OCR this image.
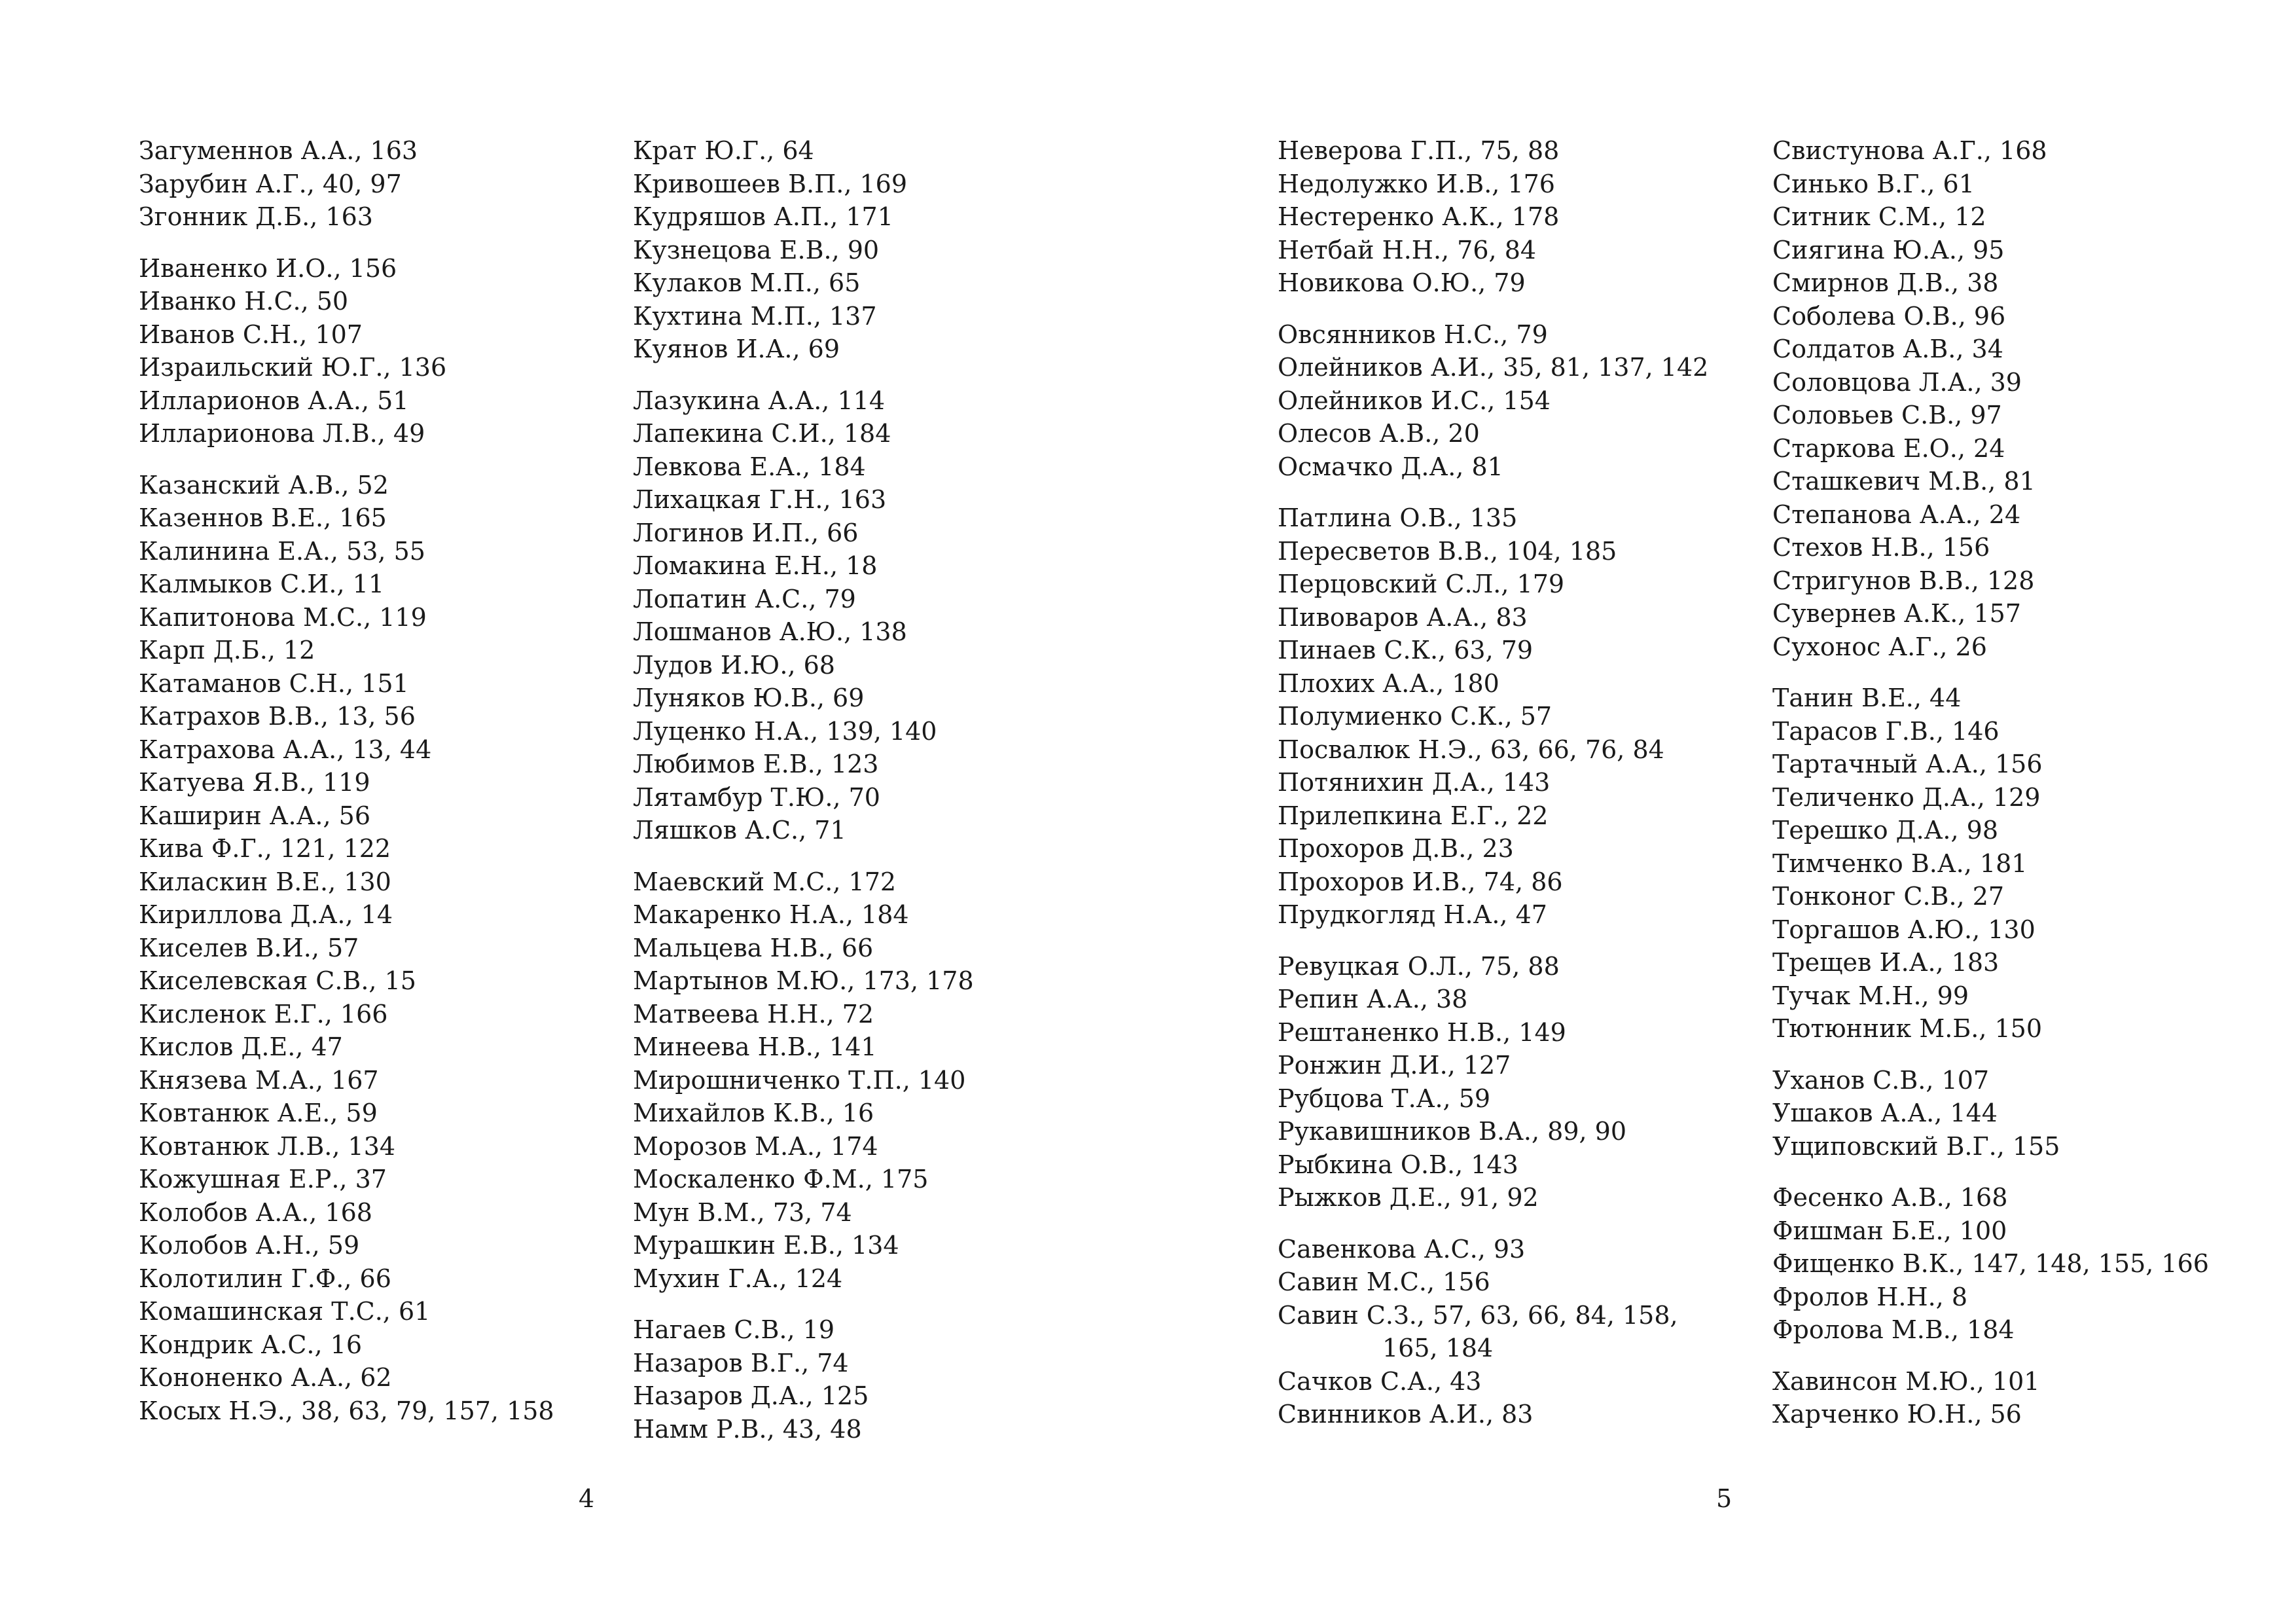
Загуменнов А.А., 163
Зарубин А.Г., 40, 97
Згонник Д.Б., 163
Иваненко И.О., 156
Иванко Н.С., 50
Иванов С.Н., 107
Израильский Ю.Г., 136
Илларионов А.А., 51
Илларионова Л.В., 49
Казанский А.В., 52
Казеннов В.Е., 165
Калинина Е.А., 53, 55
Калмыков С.И., 11
Капитонова М.С., 119
Карп Д.Б., 12
Катаманов С.Н., 151
Катрахов В.В., 13, 56
Катрахова А.А., 13, 44
Катуева Я.В., 119
Каширин А.А., 56
Кива Ф.Г., 121, 122
Киласкин В.Е., 130
Кириллова Д.А., 14
Киселев В.И., 57
Киселевская С.В., 15
Кисленок Е.Г., 166
Кислов Д.Е., 47
Князева М.А., 167
Ковтанюк А.Е., 59
Ковтанюк Л.В., 134
Кожушная Е.Р., 37
Колобов А.А., 168
Колобов А.Н., 59
Колотилин Г.Ф., 66
Комашинская Т.С., 61
Кондрик А.С., 16
Кононенко А.А., 62
Косых Н.Э., 38, 63, 79, 157, 158
Крат Ю.Г., 64
Кривошеев В.П., 169
Кудряшов А.П., 171
Кузнецова Е.В., 90
Кулаков М.П., 65
Кухтина М.П., 137
Куянов И.А., 69
Лазукина А.А., 114
Лапекина С.И., 184
Левкова Е.А., 184
Лихацкая Г.Н., 163
Логинов И.П., 66
Ломакина Е.Н., 18
Лопатин А.С., 79
Лошманов А.Ю., 138
Лудов И.Ю., 68
Луняков Ю.В., 69
Луценко Н.А., 139, 140
Любимов Е.В., 123
Лятамбур Т.Ю., 70
Ляшков А.С., 71
Маевский М.С., 172
Макаренко Н.А., 184
Мальцева Н.В., 66
Мартынов М.Ю., 173, 178
Матвеева Н.Н., 72
Минеева Н.В., 141
Мирошниченко Т.П., 140
Михайлов К.В., 16
Морозов М.А., 174
Москаленко Ф.М., 175
Мун В.М., 73, 74
Мурашкин Е.В., 134
Мухин Г.А., 124
Нагаев С.В., 19
Назаров В.Г., 74
Назаров Д.А., 125
Намм Р.В., 43, 48
Неверова Г.П., 75, 88
Недолужко И.В., 176
Нестеренко А.К., 178
Нетбай Н.Н., 76, 84
Новикова О.Ю., 79
Овсянников Н.С., 79
Олейников А.И., 35, 81, 137, 142
Олейников И.С., 154
Олесов А.В., 20
Осмачко Д.А., 81
Патлина О.В., 135
Пересветов В.В., 104, 185
Перцовский С.Л., 179
Пивоваров А.А., 83
Пинаев С.К., 63, 79
Плохих А.А., 180
Полумиенко С.К., 57
Посвалюк Н.Э., 63, 66, 76, 84
Потянихин Д.А., 143
Прилепкина Е.Г., 22
Прохоров Д.В., 23
Прохоров И.В., 74, 86
Прудкогляд Н.А., 47
Ревуцкая О.Л., 75, 88
Репин А.А., 38
Рештаненко Н.В., 149
Ронжин Д.И., 127
Рубцова Т.А., 59
Рукавишников В.А., 89, 90
Рыбкина О.В., 143
Рыжков Д.Е., 91, 92
Савенкова А.С., 93
Савин М.С., 156
Савин С.З., 57, 63, 66, 84, 158,
165, 184
Сачков С.А., 43
Свинников А.И., 83
Свистунова А.Г., 168
Синько В.Г., 61
Ситник С.М., 12
Сиягина Ю.А., 95
Смирнов Д.В., 38
Соболева О.В., 96
Солдатов А.В., 34
Соловцова Л.А., 39
Соловьев С.В., 97
Старкова Е.О., 24
Сташкевич М.В., 81
Степанова А.А., 24
Стехов Н.В., 156
Стригунов В.В., 128
Сувернев А.К., 157
Сухонос А.Г., 26
Танин В.Е., 44
Тарасов Г.В., 146
Тартачный А.А., 156
Теличенко Д.А., 129
Терешко Д.А., 98
Тимченко В.А., 181
Тонконог С.В., 27
Торгашов А.Ю., 130
Трещев И.А., 183
Тучак М.Н., 99
Тютюнник М.Б., 150
Уханов С.В., 107
Ушаков А.А., 144
Ущиповский В.Г., 155
Фесенко А.В., 168
Фишман Б.Е., 100
Фищенко В.К., 147, 148, 155, 166
Фролов Н.Н., 8
Фролова М.В., 184
Хавинсон М.Ю., 101
Харченко Ю.Н., 56
4	5
